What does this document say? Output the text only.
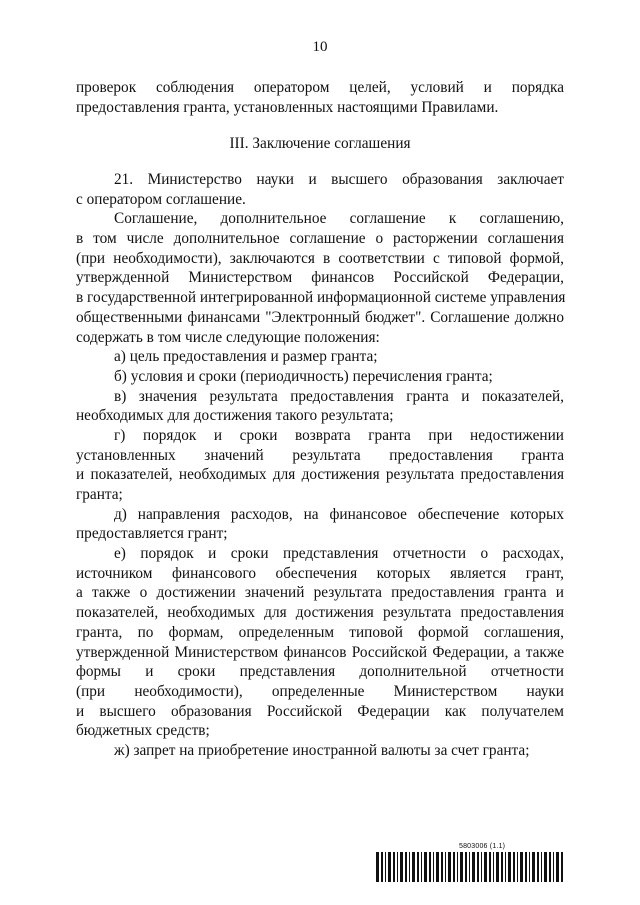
10
проверок соблюдения оператором целей, условий и порядка
предоставления гранта, установленных настоящими Правилами.
III. Заключение соглашения
21. Министерство науки и высшего образования заключает
с оператором соглашение.
Соглашение, дополнительное соглашение к соглашению,
в том числе дополнительное соглашение о расторжении соглашения
(при необходимости), заключаются в соответствии с типовой формой,
утвержденной Министерством финансов Российской Федерации,
в государственной интегрированной информационной системе управления
общественными финансами "Электронный бюджет". Соглашение должно
содержать в том числе следующие положения:
а) цель предоставления и размер гранта;
б) условия и сроки (периодичность) перечисления гранта;
в) значения результата предоставления гранта и показателей,
необходимых для достижения такого результата;
г) порядок и сроки возврата гранта при недостижении
установленных значений результата предоставления гранта
и показателей, необходимых для достижения результата предоставления
гранта;
д) направления расходов, на финансовое обеспечение которых
предоставляется грант;
е) порядок и сроки представления отчетности о расходах,
источником финансового обеспечения которых является грант,
а также о достижении значений результата предоставления гранта и
показателей, необходимых для достижения результата предоставления
гранта, по формам, определенным типовой формой соглашения,
утвержденной Министерством финансов Российской Федерации, а также
формы и сроки представления дополнительной отчетности
(при необходимости), определенные Министерством науки
и высшего образования Российской Федерации как получателем
бюджетных средств;
ж) запрет на приобретение иностранной валюты за счет гранта;
5803006 (1.1)
